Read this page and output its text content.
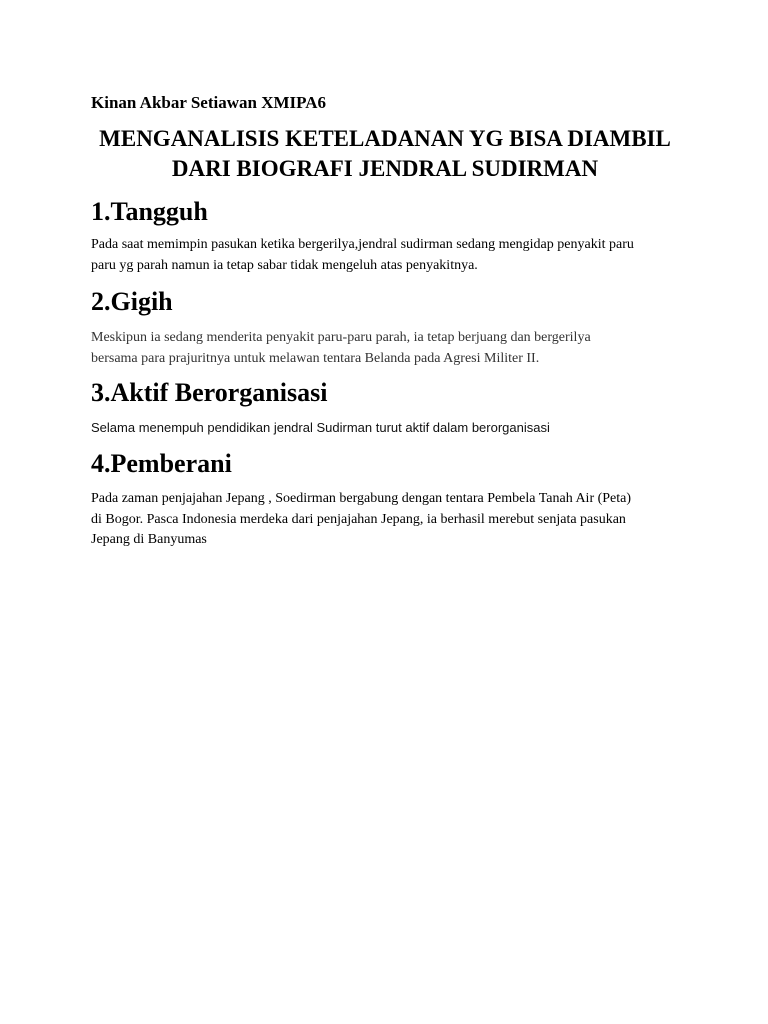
Kinan Akbar Setiawan XMIPA6
MENGANALISIS KETELADANAN YG BISA DIAMBIL
DARI BIOGRAFI JENDRAL SUDIRMAN
1.Tangguh

Pada saat memimpin pasukan ketika bergerilya,jendral sudirman sedang mengidap penyakit paru
paru yg parah namun ia tetap sabar tidak mengeluh atas penyakitnya.

2.Gigih

Meskipun ia sedang menderita penyakit paru-paru parah, ia tetap berjuang dan bergerilya
bersama para prajuritnya untuk melawan tentara Belanda pada Agresi Militer II.

3.Aktif Berorganisasi

Selama menempuh pendidikan jendral Sudirman turut aktif dalam berorganisasi

4.Pemberani

Pada zaman penjajahan Jepang , Soedirman bergabung dengan tentara Pembela Tanah Air (Peta)
di Bogor. Pasca Indonesia merdeka dari penjajahan Jepang, ia berhasil merebut senjata pasukan
Jepang di Banyumas
